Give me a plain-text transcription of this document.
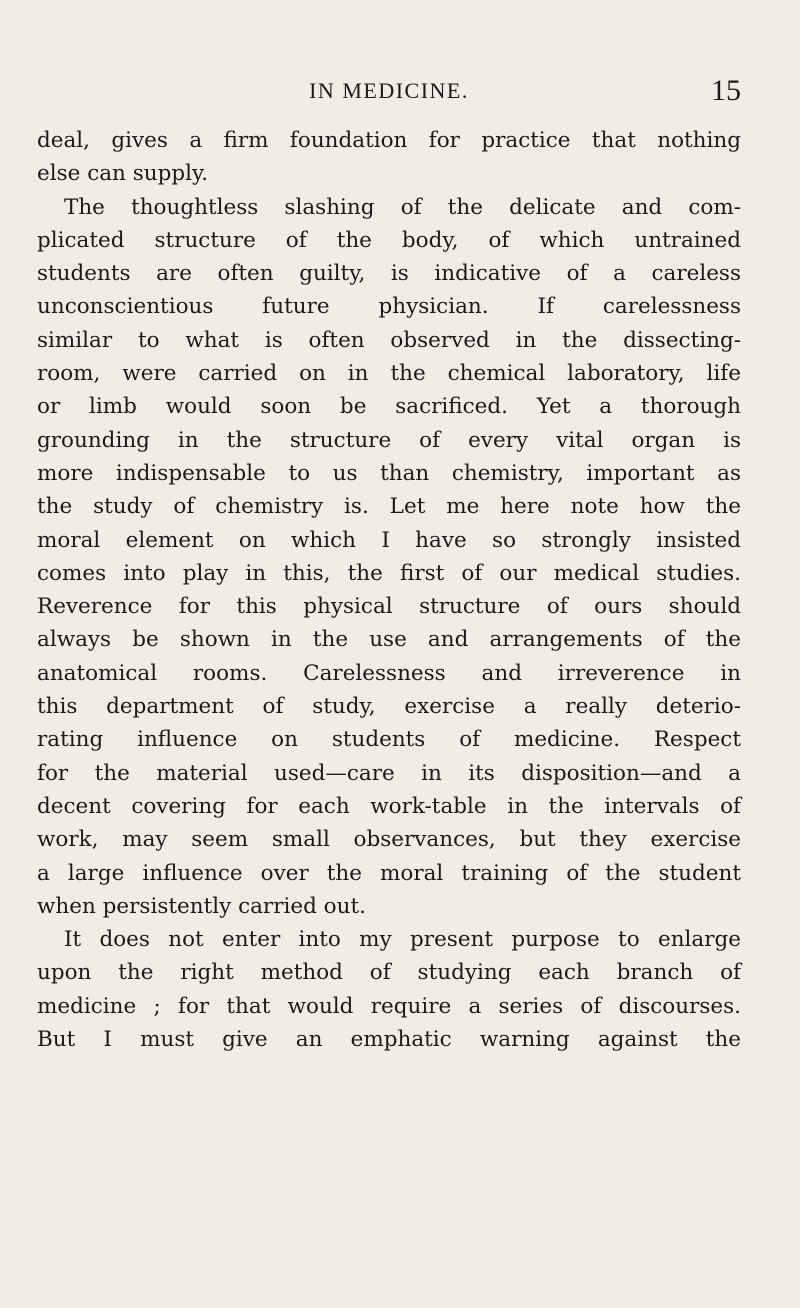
IN MEDICINE.	15
deal, gives a firm foundation for practice that nothing
else can supply.
The thoughtless slashing of the delicate and com-
plicated structure of the body, of which untrained
students are often guilty, is indicative of a careless
unconscientious future physician. If carelessness
similar to what is often observed in the dissecting-
room, were carried on in the chemical laboratory, life
or limb would soon be sacrificed. Yet a thorough
grounding in the structure of every vital organ is
more indispensable to us than chemistry, important as
the study of chemistry is. Let me here note how the
moral element on which I have so strongly insisted
comes into play in this, the first of our medical studies.
Reverence for this physical structure of ours should
always be shown in the use and arrangements of the
anatomical rooms. Carelessness and irreverence in
this department of study, exercise a really deterio-
rating influence on students of medicine. Respect
for the material used—care in its disposition—and a
decent covering for each work-table in the intervals of
work, may seem small observances, but they exercise
a large influence over the moral training of the student
when persistently carried out.
It does not enter into my present purpose to enlarge
upon the right method of studying each branch of
medicine ; for that would require a series of discourses.
But I must give an emphatic warning against the
